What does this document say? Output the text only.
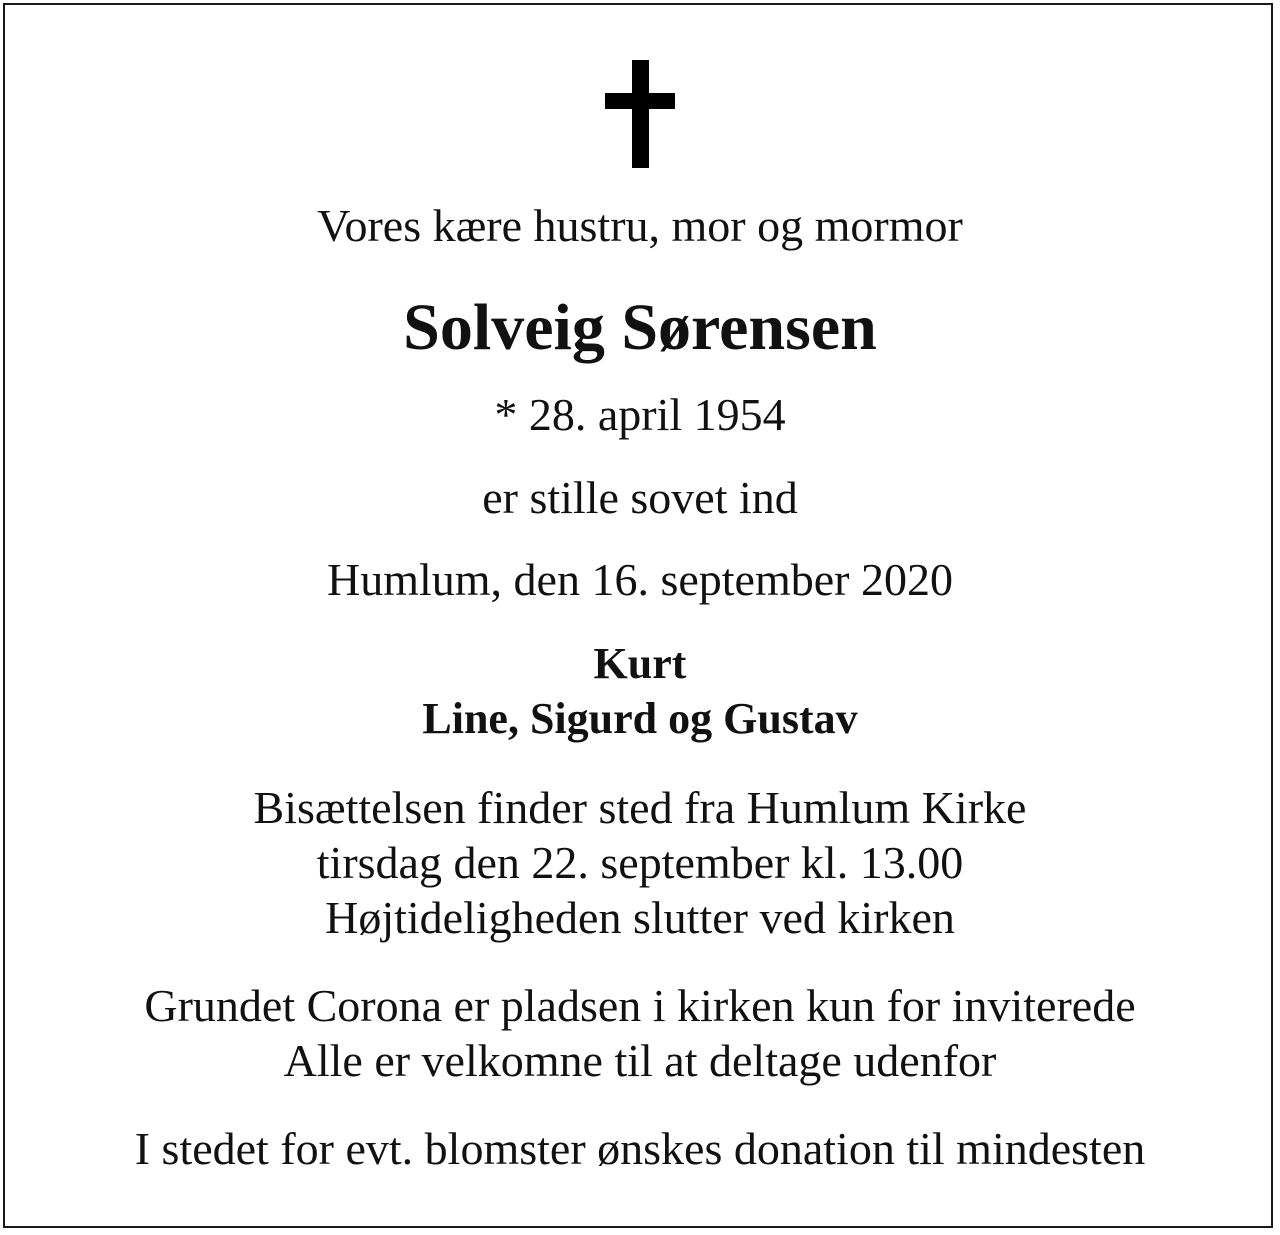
Vores kære hustru, mor og mormor
Solveig Sørensen
* 28. april 1954
er stille sovet ind
Humlum, den 16. september 2020
Kurt
Line, Sigurd og Gustav
Bisættelsen finder sted fra Humlum Kirke
tirsdag den 22. september kl. 13.00
Højtideligheden slutter ved kirken
Grundet Corona er pladsen i kirken kun for inviterede
Alle er velkomne til at deltage udenfor
I stedet for evt. blomster ønskes donation til mindesten
